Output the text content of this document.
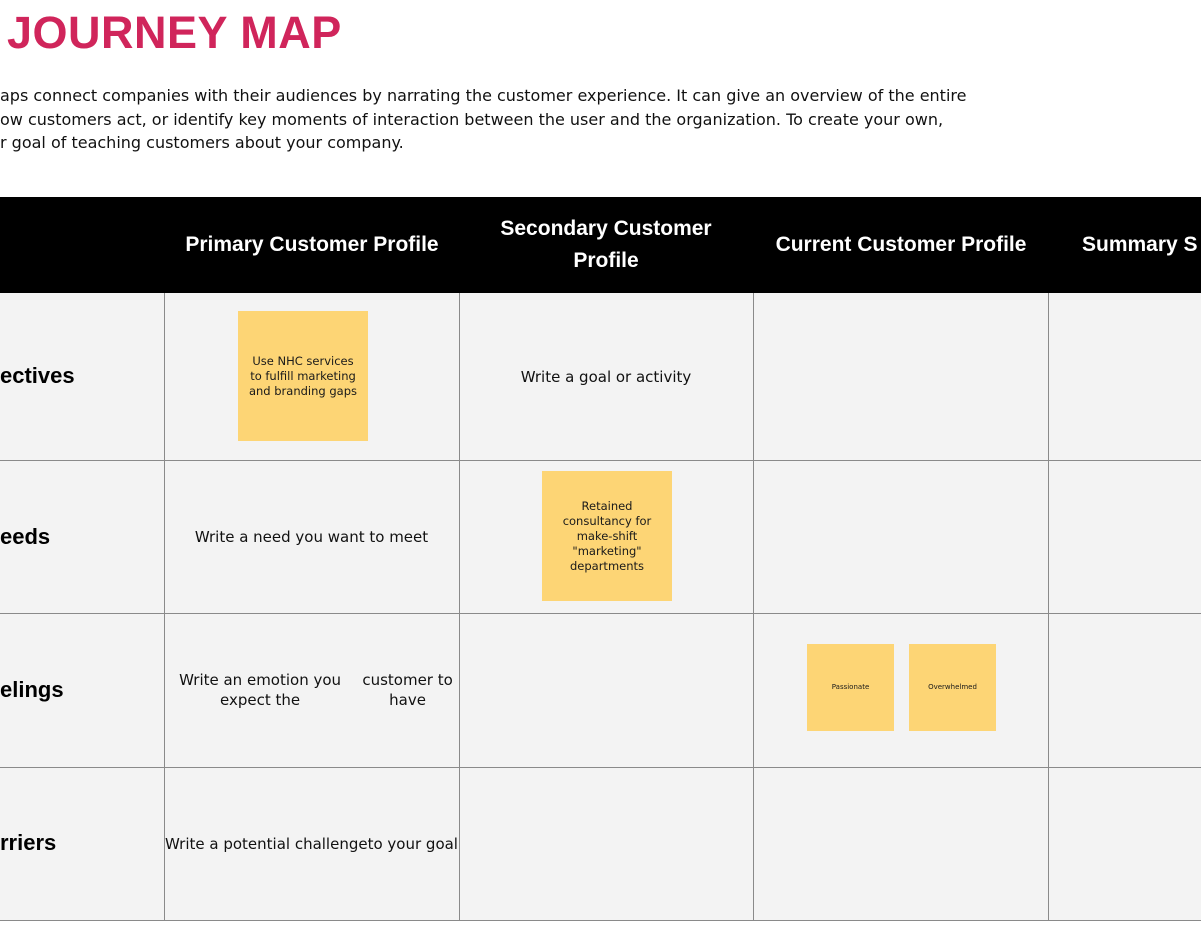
JOURNEY MAP
aps connect companies with their audiences by narrating the customer experience. It can give an overview of the entire
ow customers act, or identify key moments of interaction between the user and the organization. To create your own,
r goal of teaching customers about your company.
Primary Customer Profile
Secondary Customer Profile
Current Customer Profile	Summary S
ectives
eeds
elings
rriers
Use NHC services to fulfill marketing and branding gaps
Write a goal or activity
Write a need you want to meet
Retained consultancy for make-shift "marketing" departments
Write an emotion you expect the
customer to have
Passionate	Overwhelmed
Write a potential challenge to your goal
